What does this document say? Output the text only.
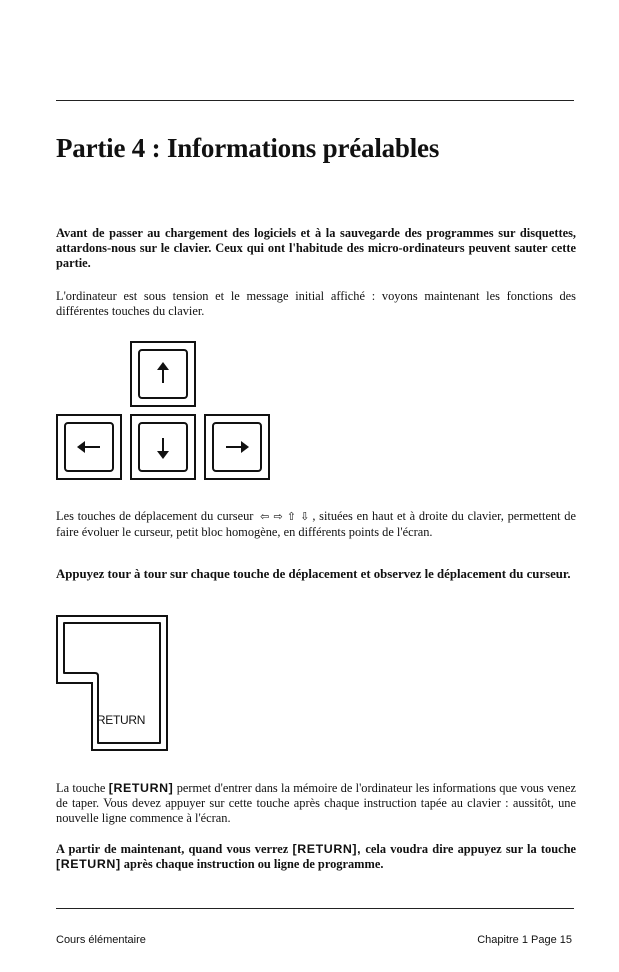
Partie 4 : Informations préalables

Avant de passer au chargement des logiciels et à la sauvegarde des programmes sur disquettes, attardons-nous sur le clavier. Ceux qui ont l'habitude des micro-ordinateurs peuvent sauter cette partie.

L'ordinateur est sous tension et le message initial affiché : voyons maintenant les fonctions des différentes touches du clavier.

Les touches de déplacement du curseur ⇦ ⇨ ⇧ ⇩ , situées en haut et à droite du clavier, permettent de faire évoluer le curseur, petit bloc homogène, en différents points de l'écran.

Appuyez tour à tour sur chaque touche de déplacement et observez le déplacement du curseur.

RETURN

La touche [RETURN] permet d'entrer dans la mémoire de l'ordinateur les informations que vous venez de taper. Vous devez appuyer sur cette touche après chaque instruction tapée au clavier : aussitôt, une nouvelle ligne commence à l'écran.

A partir de maintenant, quand vous verrez [RETURN], cela voudra dire appuyez sur la touche [RETURN] après chaque instruction ou ligne de programme.

Cours élémentaire	Chapitre 1 Page 15
